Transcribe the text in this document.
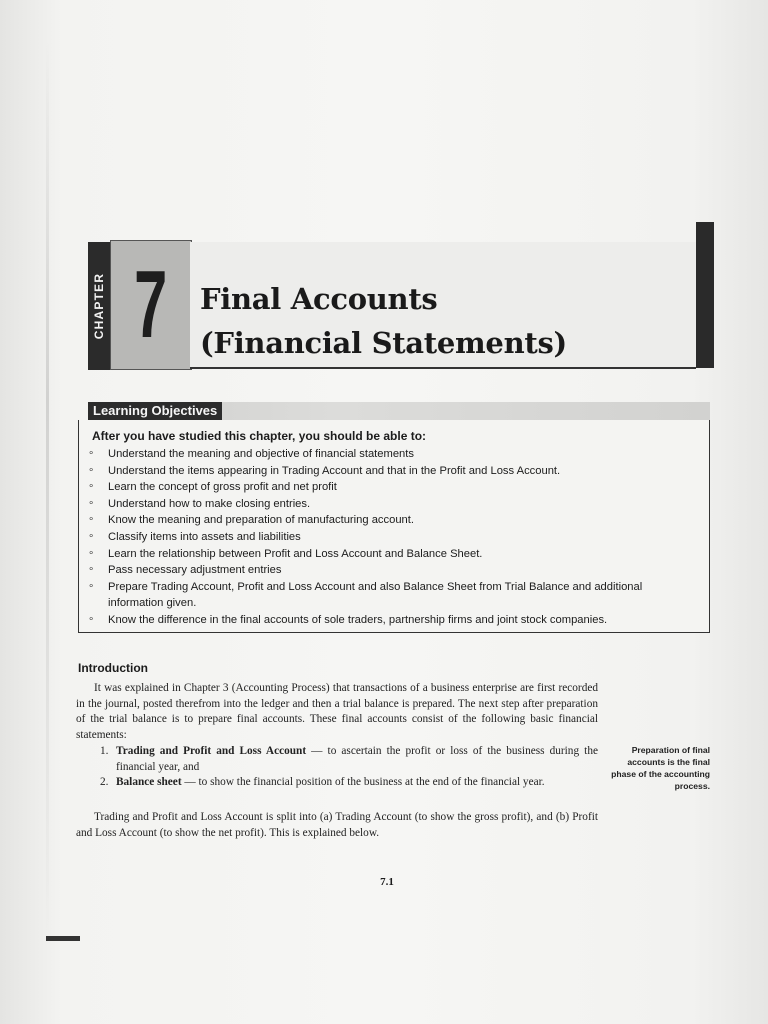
CHAPTER 7 Final Accounts
(Financial Statements)
Learning Objectives
After you have studied this chapter, you should be able to:
∘ Understand the meaning and objective of financial statements
∘ Understand the items appearing in Trading Account and that in the Profit and Loss Account.
∘ Learn the concept of gross profit and net profit
∘ Understand how to make closing entries.
∘ Know the meaning and preparation of manufacturing account.
∘ Classify items into assets and liabilities
∘ Learn the relationship between Profit and Loss Account and Balance Sheet.
∘ Pass necessary adjustment entries
∘ Prepare Trading Account, Profit and Loss Account and also Balance Sheet from Trial Balance and additional information given.
∘ Know the difference in the final accounts of sole traders, partnership firms and joint stock companies.
Introduction
It was explained in Chapter 3 (Accounting Process) that transactions of a business enterprise are first recorded in the journal, posted therefrom into the ledger and then a trial balance is prepared. The next step after preparation of the trial balance is to prepare final accounts. These final accounts consist of the following basic financial statements:
1. Trading and Profit and Loss Account — to ascertain the profit or loss of the business during the financial year, and
2. Balance sheet — to show the financial position of the business at the end of the financial year.
Trading and Profit and Loss Account is split into (a) Trading Account (to show the gross profit), and (b) Profit and Loss Account (to show the net profit). This is explained below.
Preparation of final accounts is the final phase of the accounting process.
7.1
